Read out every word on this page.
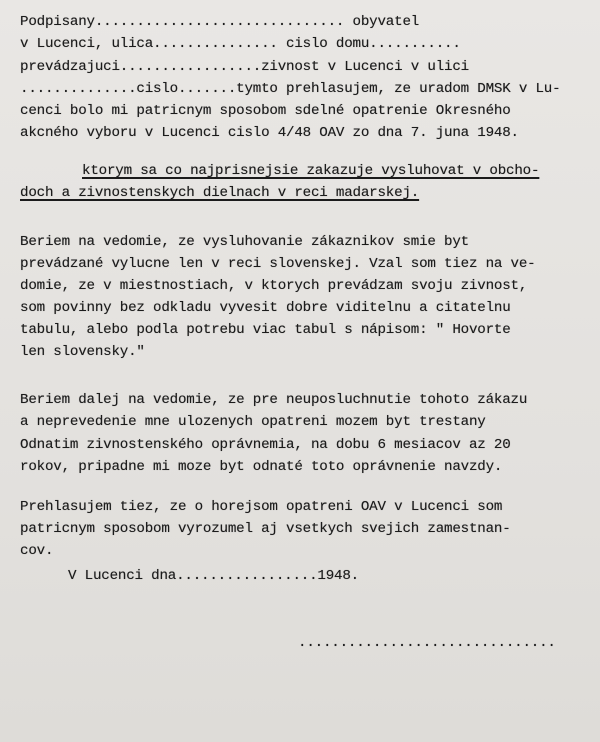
Podpisany.............................. obyvatel
v Lucenci, ulica............... cislo domu...........
prevádzajuci.................zivnost v Lucenci v ulici
..............cislo.......tymto prehlasujem, ze uradom DMSK v Lu-
cenci bolo mi patricnym sposobom sdelné opatrenie Okresného
akcného vyboru v Lucenci cislo 4/48 OAV zo dna 7. juna 1948.
ktorym sa co najprisnejsie zakazuje vysluhovat v obcho-
doch a zivnostenskych dielnach v reci madarskej.
Beriem na vedomie, ze vysluhovanie zákaznikov smie byt
prevádzané vylucne len v reci slovenskej. Vzal som tiez na ve-
domie, ze v miestnostiach, v ktorych prevádzam svoju zivnost,
som povinny bez odkladu vyvesit dobre viditelnu a citatelnu
tabulu, alebo podla potrebu viac tabul s nápisom: " Hovorte
len slovensky."
Beriem dalej na vedomie, ze pre neuposluchnutie tohoto zákazu
a neprevedenie mne ulozenych opatreni mozem byt trestany
Odnatim zivnostenského oprávnemia, na dobu 6 mesiacov az 20
rokov, pripadne mi moze byt odnaté toto oprávnenie navzdy.
Prehlasujem tiez, ze o horejsom opatreni OAV v Lucenci som
patricnym sposobom vyrozumel aj vsetkych svejich zamestnan-
cov.
V Lucenci dna.................1948.
...............................
